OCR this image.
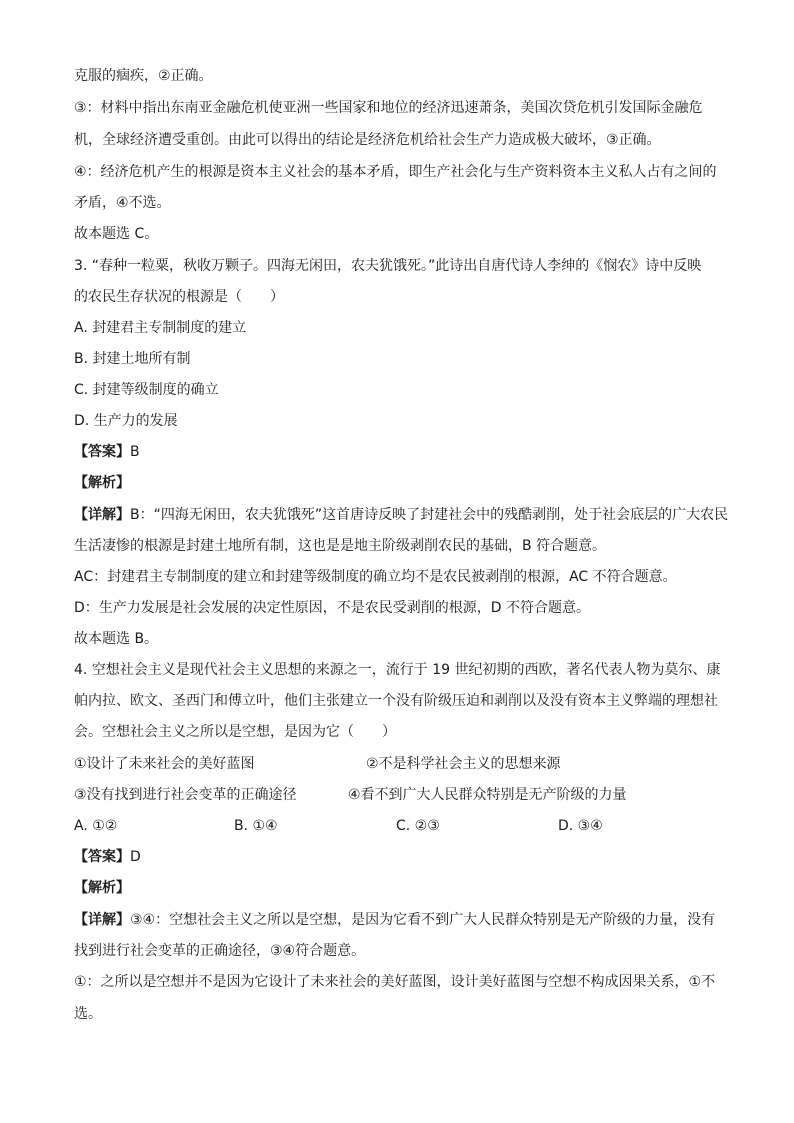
克服的痼疾，②正确。
③：材料中指出东南亚金融危机使亚洲一些国家和地位的经济迅速萧条，美国次贷危机引发国际金融危
机，全球经济遭受重创。由此可以得出的结论是经济危机给社会生产力造成极大破坏，③正确。
④：经济危机产生的根源是资本主义社会的基本矛盾，即生产社会化与生产资料资本主义私人占有之间的
矛盾，④不选。
故本题选 C。
3. “春种一粒粟，秋收万颗子。四海无闲田，农夫犹饿死。”此诗出自唐代诗人李绅的《悯农》诗中反映
的农民生存状况的根源是（　　）
A. 封建君主专制制度的建立
B. 封建土地所有制
C. 封建等级制度的确立
D. 生产力的发展
【答案】B
【解析】
【详解】B：“四海无闲田，农夫犹饿死”这首唐诗反映了封建社会中的残酷剥削，处于社会底层的广大农民
生活凄惨的根源是封建土地所有制，这也是是地主阶级剥削农民的基础，B 符合题意。
AC：封建君主专制制度的建立和封建等级制度的确立均不是农民被剥削的根源，AC 不符合题意。
D：生产力发展是社会发展的决定性原因，不是农民受剥削的根源，D 不符合题意。
故本题选 B。
4. 空想社会主义是现代社会主义思想的来源之一，流行于 19 世纪初期的西欧，著名代表人物为莫尔、康
帕内拉、欧文、圣西门和傅立叶，他们主张建立一个没有阶级压迫和剥削以及没有资本主义弊端的理想社
会。空想社会主义之所以是空想，是因为它（　　）
①设计了未来社会的美好蓝图	②不是科学社会主义的思想来源
③没有找到进行社会变革的正确途径	④看不到广大人民群众特别是无产阶级的力量
A. ①②	B. ①④	C. ②③	D. ③④
【答案】D
【解析】
【详解】③④：空想社会主义之所以是空想，是因为它看不到广大人民群众特别是无产阶级的力量，没有
找到进行社会变革的正确途径，③④符合题意。
①：之所以是空想并不是因为它设计了未来社会的美好蓝图，设计美好蓝图与空想不构成因果关系，①不
选。
